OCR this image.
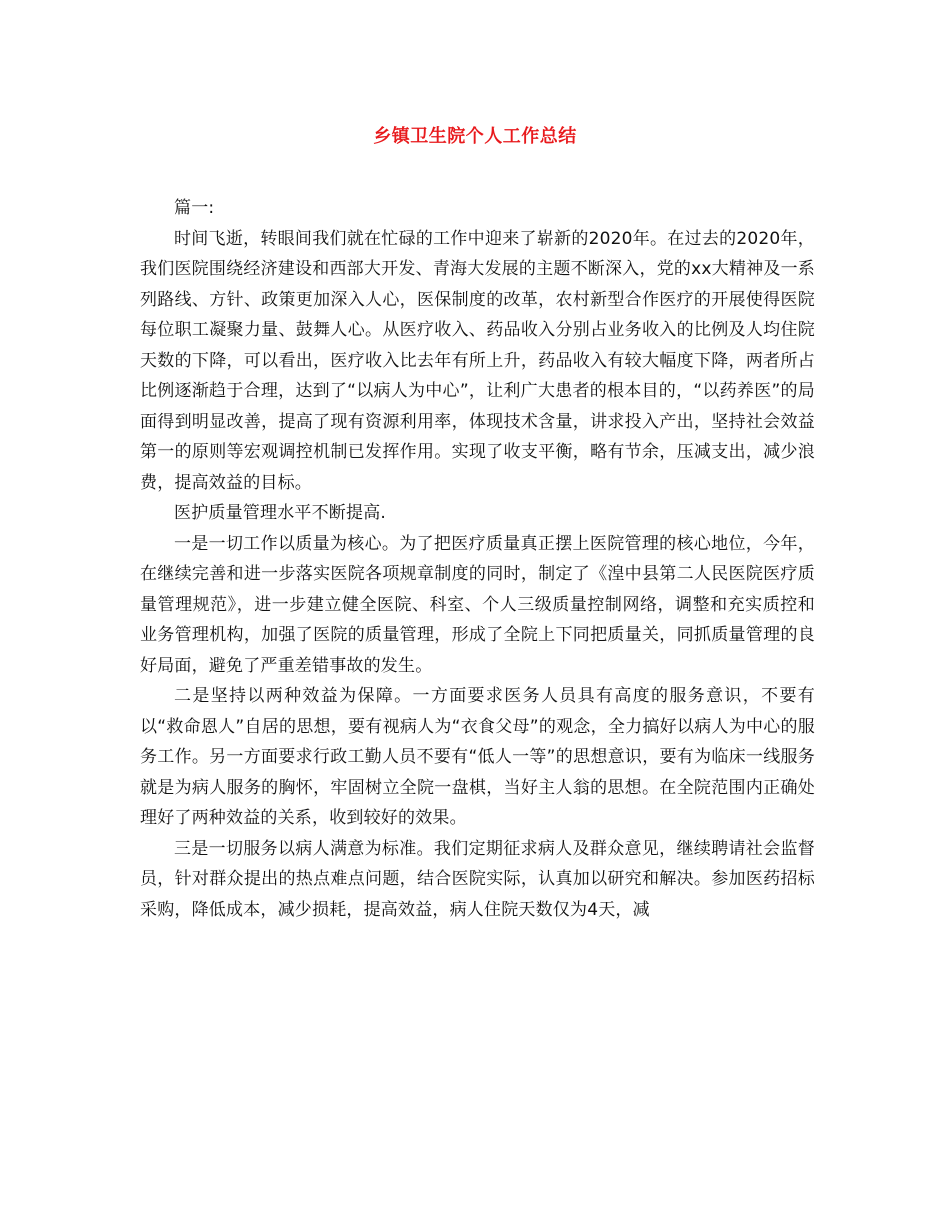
乡镇卫生院个人工作总结

篇一:

时间飞逝，转眼间我们就在忙碌的工作中迎来了崭新的2020年。在过去的2020年，我们医院围绕经济建设和西部大开发、青海大发展的主题不断深入，党的xx大精神及一系列路线、方针、政策更加深入人心，医保制度的改革，农村新型合作医疗的开展使得医院每位职工凝聚力量、鼓舞人心。从医疗收入、药品收入分别占业务收入的比例及人均住院天数的下降，可以看出，医疗收入比去年有所上升，药品收入有较大幅度下降，两者所占比例逐渐趋于合理，达到了“以病人为中心”，让利广大患者的根本目的，“以药养医”的局面得到明显改善，提高了现有资源利用率，体现技术含量，讲求投入产出，坚持社会效益第一的原则等宏观调控机制已发挥作用。实现了收支平衡，略有节余，压减支出，减少浪费，提高效益的目标。

医护质量管理水平不断提高.

一是一切工作以质量为核心。为了把医疗质量真正摆上医院管理的核心地位，今年，在继续完善和进一步落实医院各项规章制度的同时，制定了《湟中县第二人民医院医疗质量管理规范》，进一步建立健全医院、科室、个人三级质量控制网络，调整和充实质控和业务管理机构，加强了医院的质量管理，形成了全院上下同把质量关，同抓质量管理的良好局面，避免了严重差错事故的发生。

二是坚持以两种效益为保障。一方面要求医务人员具有高度的服务意识，不要有以“救命恩人”自居的思想，要有视病人为“衣食父母”的观念，全力搞好以病人为中心的服务工作。另一方面要求行政工勤人员不要有“低人一等”的思想意识，要有为临床一线服务就是为病人服务的胸怀，牢固树立全院一盘棋，当好主人翁的思想。在全院范围内正确处理好了两种效益的关系，收到较好的效果。

三是一切服务以病人满意为标准。我们定期征求病人及群众意见，继续聘请社会监督员，针对群众提出的热点难点问题，结合医院实际，认真加以研究和解决。参加医药招标采购，降低成本，减少损耗，提高效益，病人住院天数仅为4天，减
